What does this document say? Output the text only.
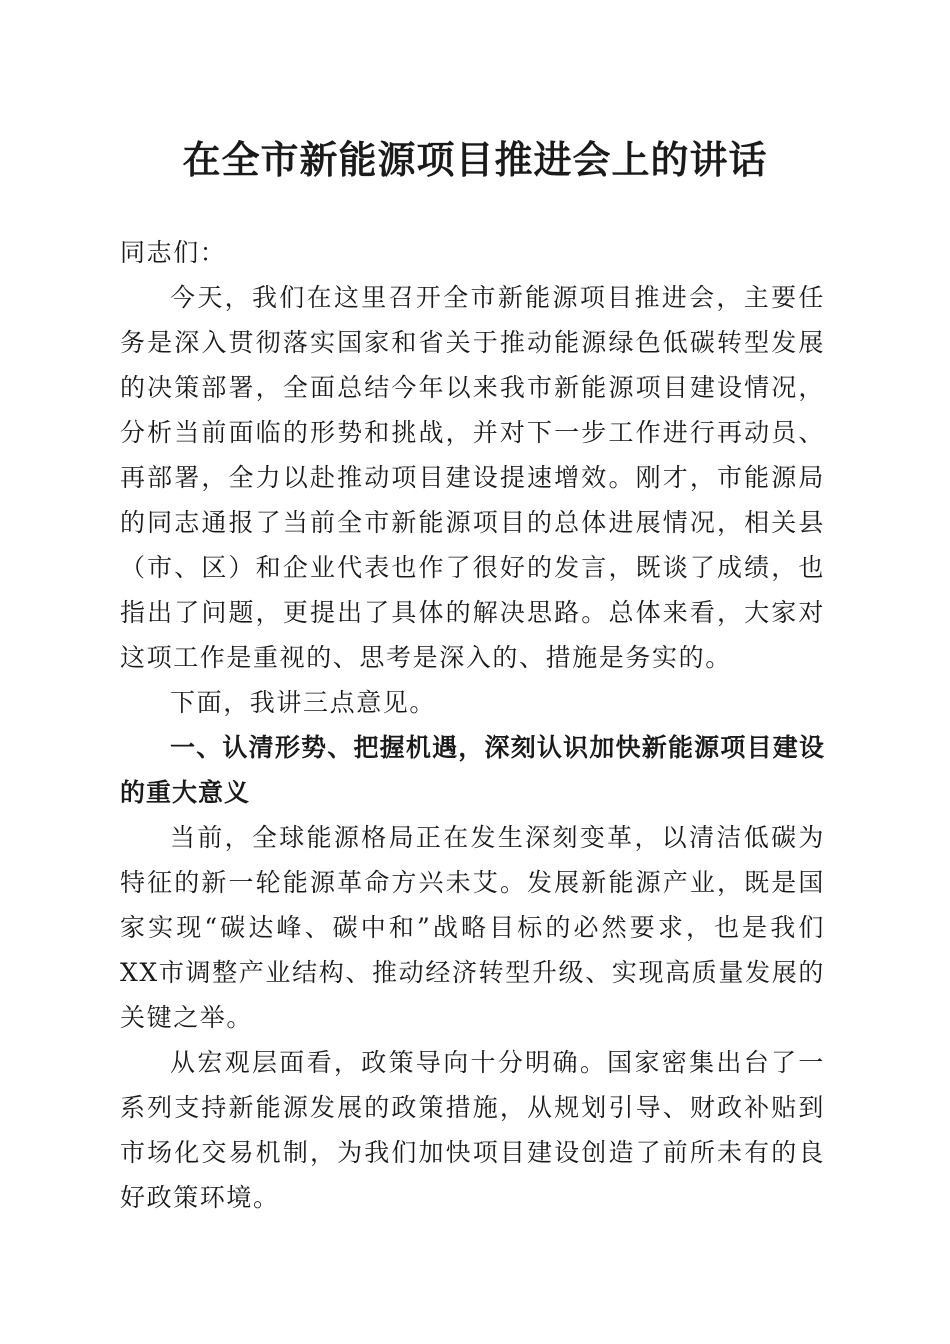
在全市新能源项目推进会上的讲话

同志们：

今天，我们在这里召开全市新能源项目推进会，主要任务是深入贯彻落实国家和省关于推动能源绿色低碳转型发展的决策部署，全面总结今年以来我市新能源项目建设情况，分析当前面临的形势和挑战，并对下一步工作进行再动员、再部署，全力以赴推动项目建设提速增效。刚才，市能源局的同志通报了当前全市新能源项目的总体进展情况，相关县（市、区）和企业代表也作了很好的发言，既谈了成绩，也指出了问题，更提出了具体的解决思路。总体来看，大家对这项工作是重视的、思考是深入的、措施是务实的。

下面，我讲三点意见。

一、认清形势、把握机遇，深刻认识加快新能源项目建设的重大意义

当前，全球能源格局正在发生深刻变革，以清洁低碳为特征的新一轮能源革命方兴未艾。发展新能源产业，既是国家实现“碳达峰、碳中和”战略目标的必然要求，也是我们XX市调整产业结构、推动经济转型升级、实现高质量发展的关键之举。

从宏观层面看，政策导向十分明确。国家密集出台了一系列支持新能源发展的政策措施，从规划引导、财政补贴到市场化交易机制，为我们加快项目建设创造了前所未有的良好政策环境。
